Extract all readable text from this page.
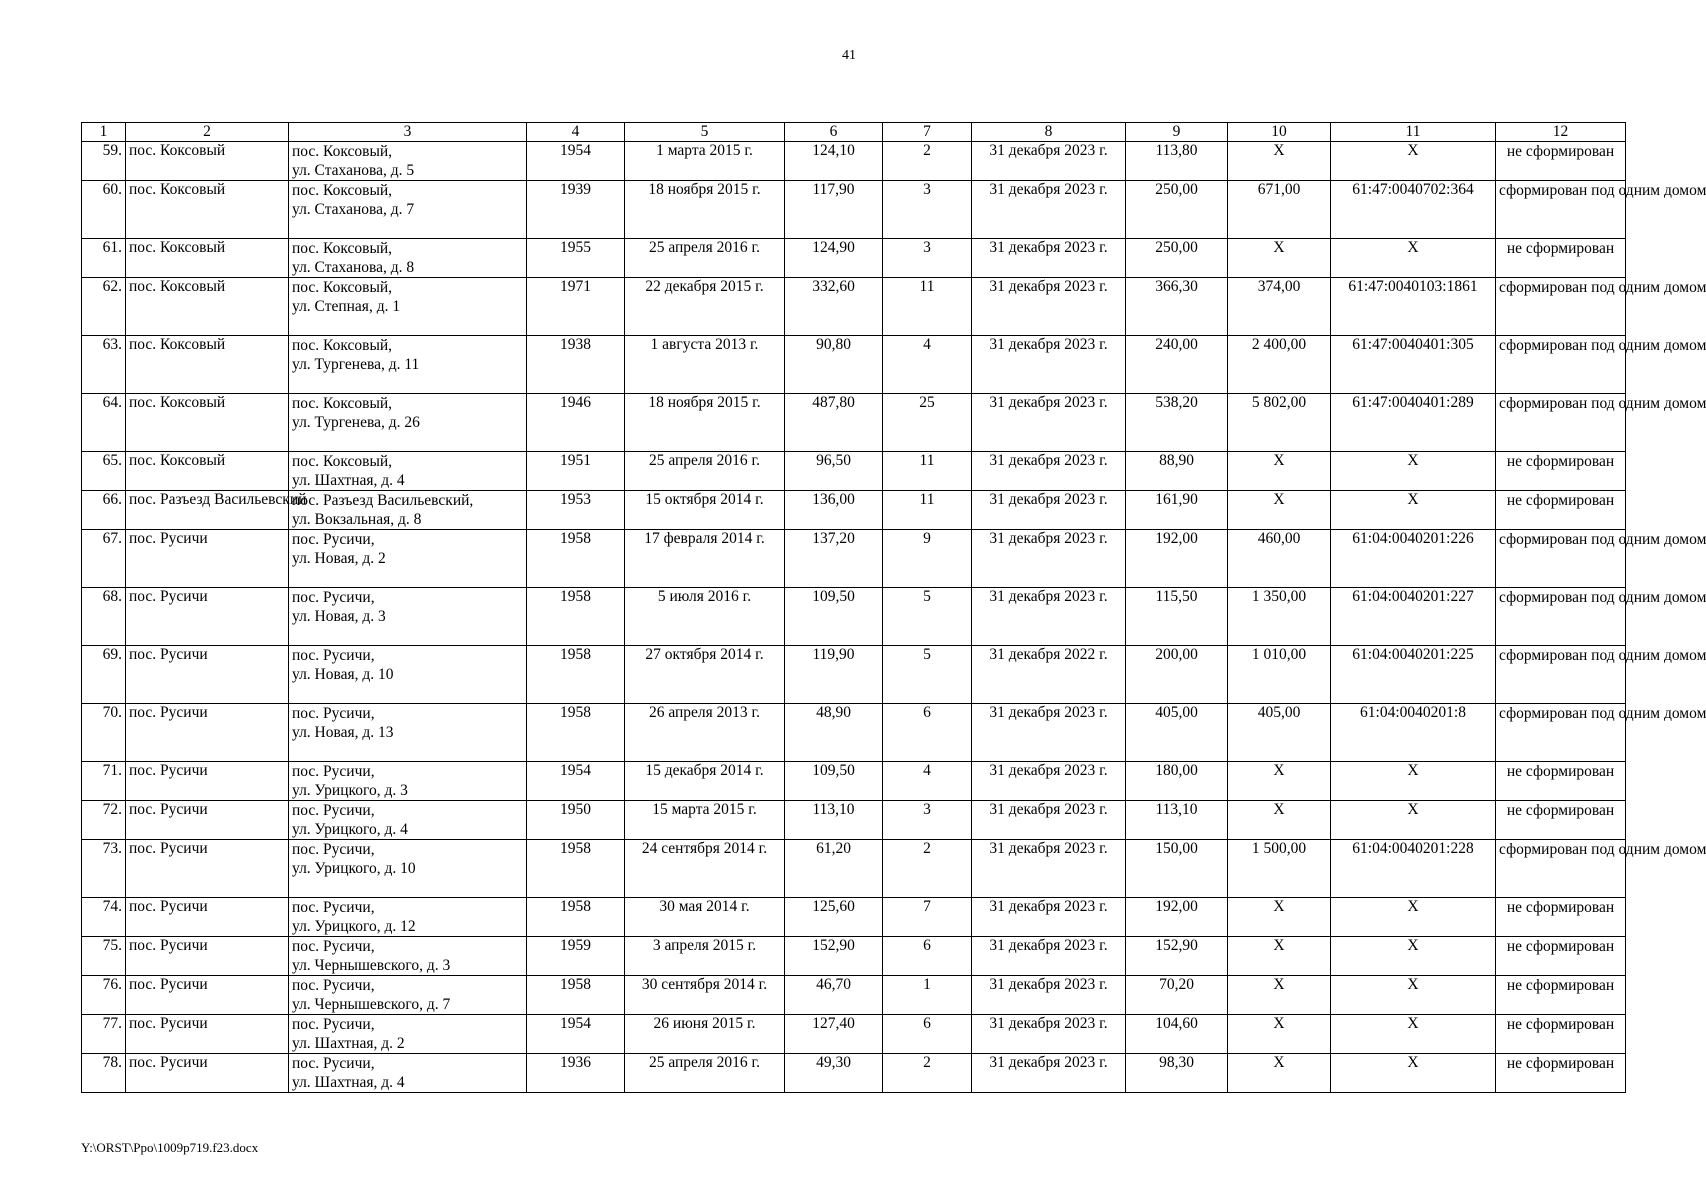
41
1	2	3	4	5	6	7	8	9	10	11	12
59.	пос. Коксовый	пос. Коксовый,
ул. Стаханова, д. 5	1954	1 марта 2015 г.	124,10	2	31 декабря 2023 г.	113,80	Х	Х	не сформирован
60.	пос. Коксовый	пос. Коксовый,
ул. Стаханова, д. 7	1939	18 ноября 2015 г.	117,90	3	31 декабря 2023 г.	250,00	671,00	61:47:0040702:364	сформирован под одним домом
61.	пос. Коксовый	пос. Коксовый,
ул. Стаханова, д. 8	1955	25 апреля 2016 г.	124,90	3	31 декабря 2023 г.	250,00	Х	Х	не сформирован
62.	пос. Коксовый	пос. Коксовый,
ул. Степная, д. 1	1971	22 декабря 2015 г.	332,60	11	31 декабря 2023 г.	366,30	374,00	61:47:0040103:1861	сформирован под одним домом
63.	пос. Коксовый	пос. Коксовый,
ул. Тургенева, д. 11	1938	1 августа 2013 г.	90,80	4	31 декабря 2023 г.	240,00	2 400,00	61:47:0040401:305	сформирован под одним домом
64.	пос. Коксовый	пос. Коксовый,
ул. Тургенева, д. 26	1946	18 ноября 2015 г.	487,80	25	31 декабря 2023 г.	538,20	5 802,00	61:47:0040401:289	сформирован под одним домом
65.	пос. Коксовый	пос. Коксовый,
ул. Шахтная, д. 4	1951	25 апреля 2016 г.	96,50	11	31 декабря 2023 г.	88,90	Х	Х	не сформирован
66.	пос. Разъезд Васильевский	пос. Разъезд Васильевский,
ул. Вокзальная, д. 8	1953	15 октября 2014 г.	136,00	11	31 декабря 2023 г.	161,90	Х	Х	не сформирован
67.	пос. Русичи	пос. Русичи,
ул. Новая, д. 2	1958	17 февраля 2014 г.	137,20	9	31 декабря 2023 г.	192,00	460,00	61:04:0040201:226	сформирован под одним домом
68.	пос. Русичи	пос. Русичи,
ул. Новая, д. 3	1958	5 июля 2016 г.	109,50	5	31 декабря 2023 г.	115,50	1 350,00	61:04:0040201:227	сформирован под одним домом
69.	пос. Русичи	пос. Русичи,
ул. Новая, д. 10	1958	27 октября 2014 г.	119,90	5	31 декабря 2022 г.	200,00	1 010,00	61:04:0040201:225	сформирован под одним домом
70.	пос. Русичи	пос. Русичи,
ул. Новая, д. 13	1958	26 апреля 2013 г.	48,90	6	31 декабря 2023 г.	405,00	405,00	61:04:0040201:8	сформирован под одним домом
71.	пос. Русичи	пос. Русичи,
ул. Урицкого, д. 3	1954	15 декабря 2014 г.	109,50	4	31 декабря 2023 г.	180,00	Х	Х	не сформирован
72.	пос. Русичи	пос. Русичи,
ул. Урицкого, д. 4	1950	15 марта 2015 г.	113,10	3	31 декабря 2023 г.	113,10	Х	Х	не сформирован
73.	пос. Русичи	пос. Русичи,
ул. Урицкого, д. 10	1958	24 сентября 2014 г.	61,20	2	31 декабря 2023 г.	150,00	1 500,00	61:04:0040201:228	сформирован под одним домом
74.	пос. Русичи	пос. Русичи,
ул. Урицкого, д. 12	1958	30 мая 2014 г.	125,60	7	31 декабря 2023 г.	192,00	Х	Х	не сформирован
75.	пос. Русичи	пос. Русичи,
ул. Чернышевского, д. 3	1959	3 апреля 2015 г.	152,90	6	31 декабря 2023 г.	152,90	Х	Х	не сформирован
76.	пос. Русичи	пос. Русичи,
ул. Чернышевского, д. 7	1958	30 сентября 2014 г.	46,70	1	31 декабря 2023 г.	70,20	Х	Х	не сформирован
77.	пос. Русичи	пос. Русичи,
ул. Шахтная, д. 2	1954	26 июня 2015 г.	127,40	6	31 декабря 2023 г.	104,60	Х	Х	не сформирован
78.	пос. Русичи	пос. Русичи,
ул. Шахтная, д. 4	1936	25 апреля 2016 г.	49,30	2	31 декабря 2023 г.	98,30	Х	Х	не сформирован
Y:\ORST\Ppo\1009p719.f23.docx
